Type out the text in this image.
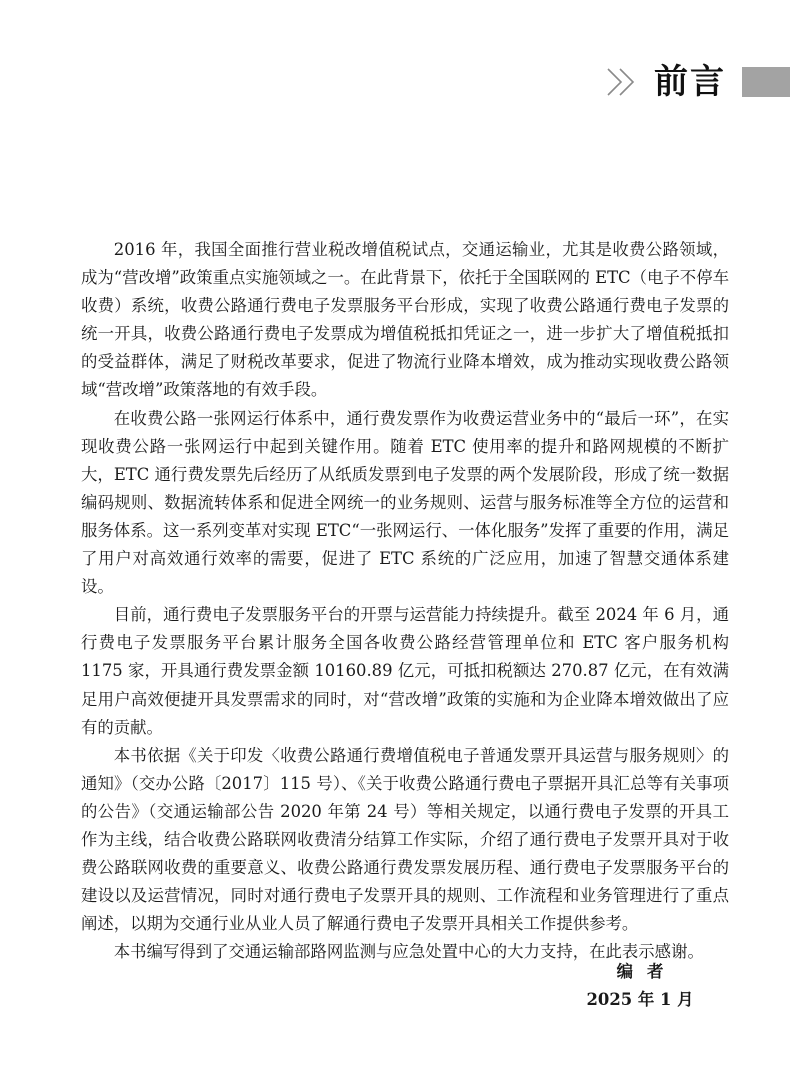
前言

2016 年，我国全面推行营业税改增值税试点，交通运输业，尤其是收费公路领域，成为“营改增”政策重点实施领域之一。在此背景下，依托于全国联网的 ETC（电子不停车收费）系统，收费公路通行费电子发票服务平台形成，实现了收费公路通行费电子发票的统一开具，收费公路通行费电子发票成为增值税抵扣凭证之一，进一步扩大了增值税抵扣的受益群体，满足了财税改革要求，促进了物流行业降本增效，成为推动实现收费公路领域“营改增”政策落地的有效手段。

在收费公路一张网运行体系中，通行费发票作为收费运营业务中的“最后一环”，在实现收费公路一张网运行中起到关键作用。随着 ETC 使用率的提升和路网规模的不断扩大，ETC 通行费发票先后经历了从纸质发票到电子发票的两个发展阶段，形成了统一数据编码规则、数据流转体系和促进全网统一的业务规则、运营与服务标准等全方位的运营和服务体系。这一系列变革对实现 ETC“一张网运行、一体化服务”发挥了重要的作用，满足了用户对高效通行效率的需要，促进了 ETC 系统的广泛应用，加速了智慧交通体系建设。

目前，通行费电子发票服务平台的开票与运营能力持续提升。截至 2024 年 6 月，通行费电子发票服务平台累计服务全国各收费公路经营管理单位和 ETC 客户服务机构 1175 家，开具通行费发票金额 10160.89 亿元，可抵扣税额达 270.87 亿元，在有效满足用户高效便捷开具发票需求的同时，对“营改增”政策的实施和为企业降本增效做出了应有的贡献。

本书依据《关于印发〈收费公路通行费增值税电子普通发票开具运营与服务规则〉的通知》（交办公路〔2017〕115 号）、《关于收费公路通行费电子票据开具汇总等有关事项的公告》（交通运输部公告 2020 年第 24 号）等相关规定，以通行费电子发票的开具工作为主线，结合收费公路联网收费清分结算工作实际，介绍了通行费电子发票开具对于收费公路联网收费的重要意义、收费公路通行费发票发展历程、通行费电子发票服务平台的建设以及运营情况，同时对通行费电子发票开具的规则、工作流程和业务管理进行了重点阐述，以期为交通行业从业人员了解通行费电子发票开具相关工作提供参考。

本书编写得到了交通运输部路网监测与应急处置中心的大力支持，在此表示感谢。

编者
2025 年 1 月
